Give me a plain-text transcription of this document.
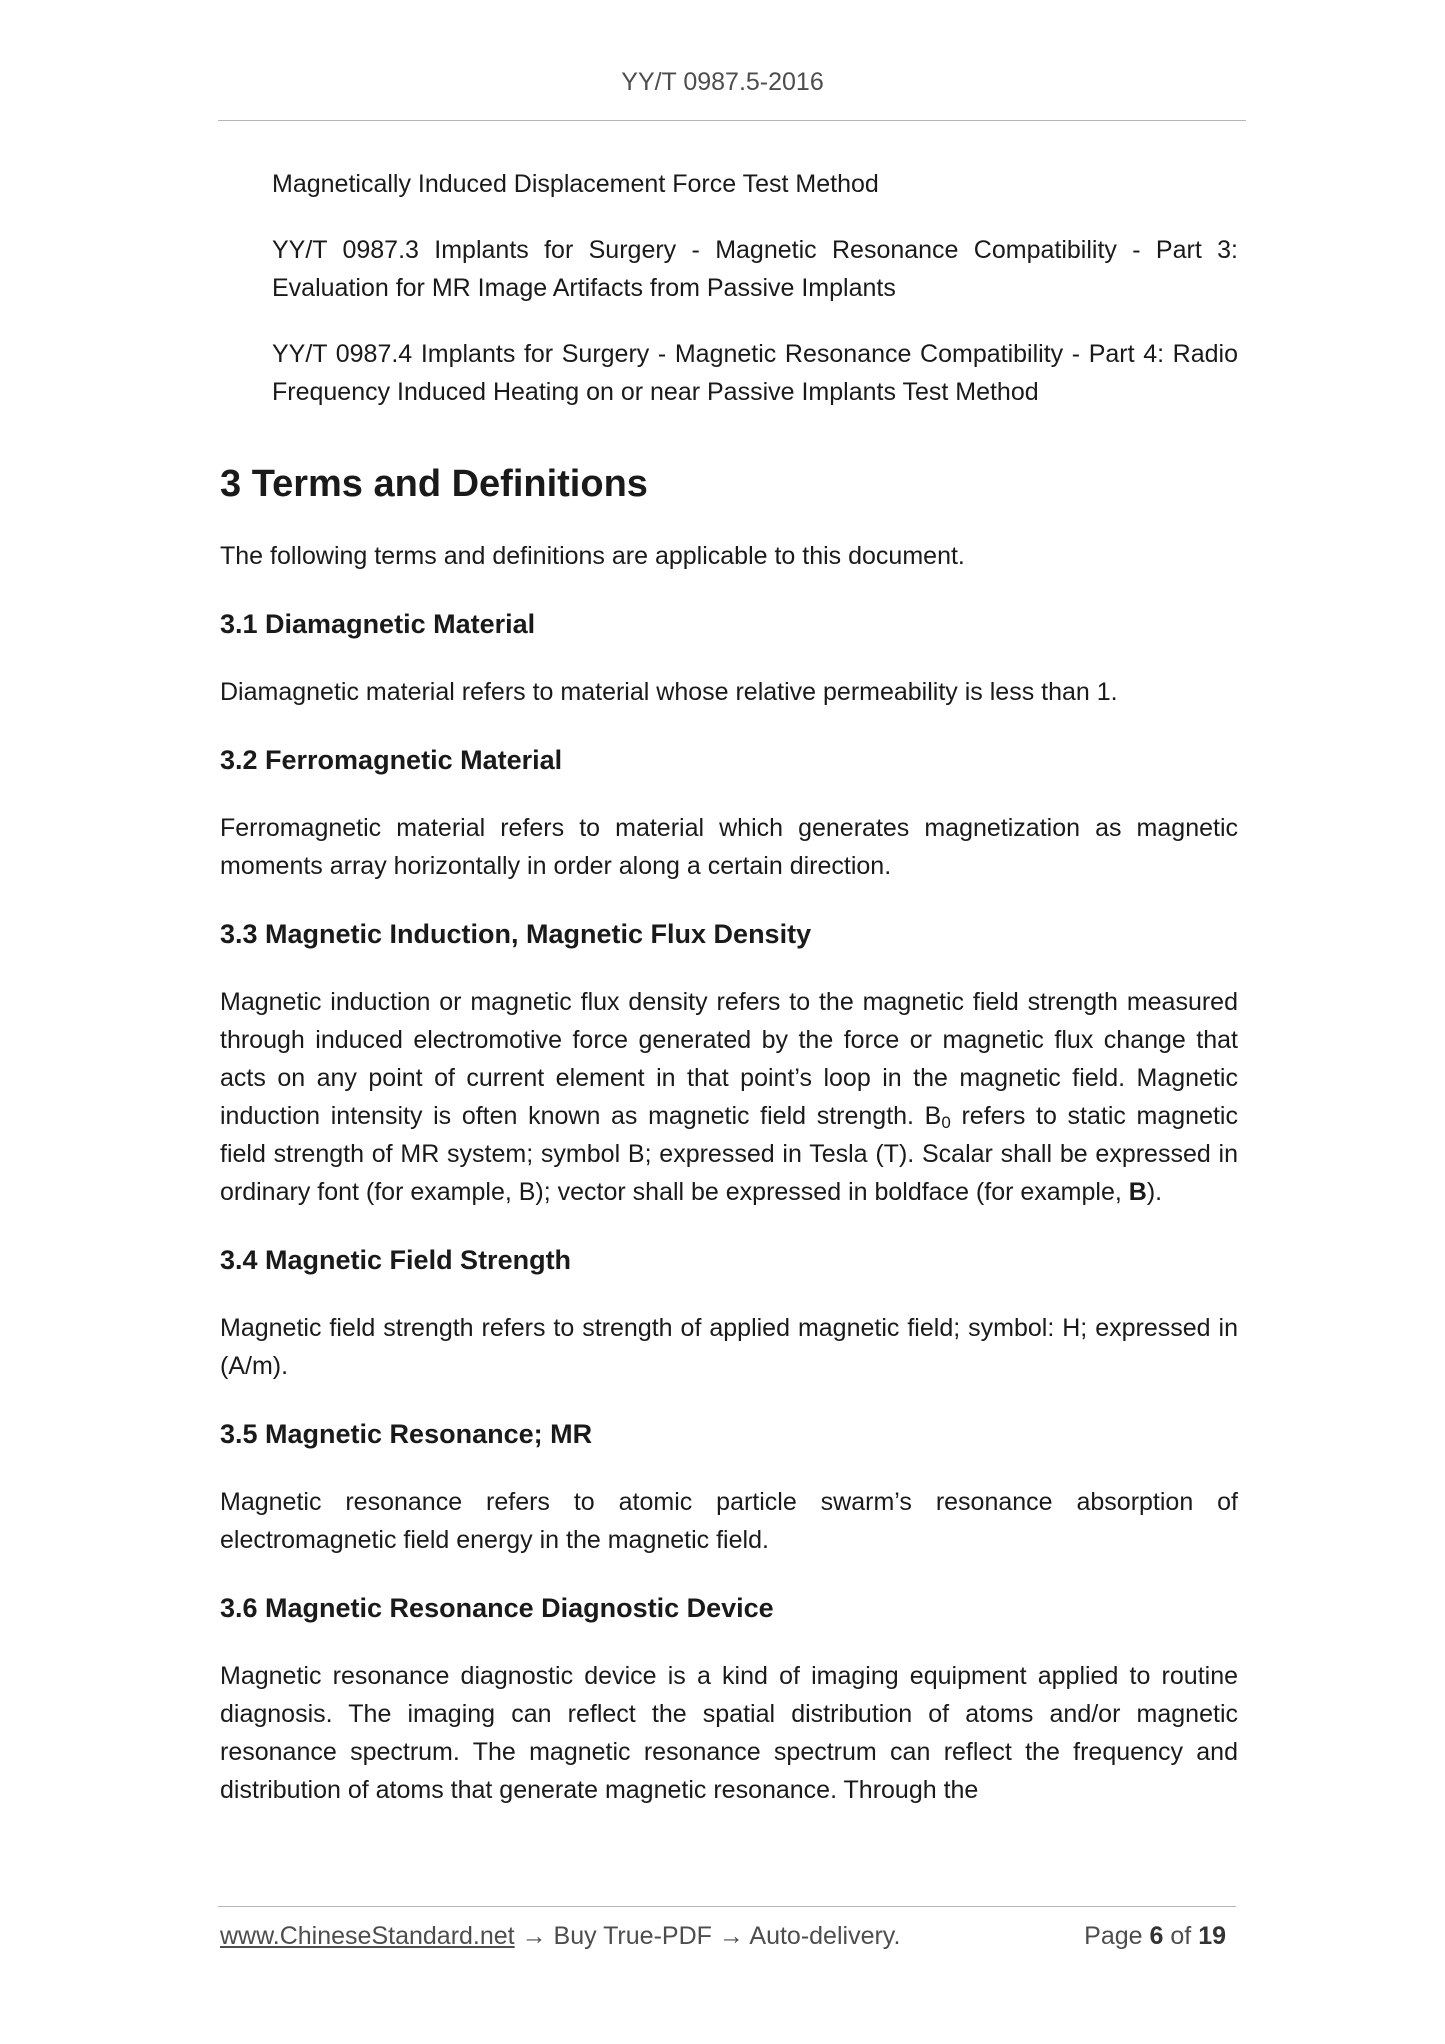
YY/T 0987.5-2016

Magnetically Induced Displacement Force Test Method

YY/T 0987.3 Implants for Surgery - Magnetic Resonance Compatibility - Part 3: Evaluation for MR Image Artifacts from Passive Implants

YY/T 0987.4 Implants for Surgery - Magnetic Resonance Compatibility - Part 4: Radio Frequency Induced Heating on or near Passive Implants Test Method

3 Terms and Definitions

The following terms and definitions are applicable to this document.

3.1 Diamagnetic Material

Diamagnetic material refers to material whose relative permeability is less than 1.

3.2 Ferromagnetic Material

Ferromagnetic material refers to material which generates magnetization as magnetic moments array horizontally in order along a certain direction.

3.3 Magnetic Induction, Magnetic Flux Density

Magnetic induction or magnetic flux density refers to the magnetic field strength measured through induced electromotive force generated by the force or magnetic flux change that acts on any point of current element in that point’s loop in the magnetic field. Magnetic induction intensity is often known as magnetic field strength. $B_0$ refers to static magnetic field strength of MR system; symbol B; expressed in Tesla (T). Scalar shall be expressed in ordinary font (for example, B); vector shall be expressed in boldface (for example, B).

3.4 Magnetic Field Strength

Magnetic field strength refers to strength of applied magnetic field; symbol: H; expressed in (A/m).

3.5 Magnetic Resonance; MR

Magnetic resonance refers to atomic particle swarm’s resonance absorption of electromagnetic field energy in the magnetic field.

3.6 Magnetic Resonance Diagnostic Device

Magnetic resonance diagnostic device is a kind of imaging equipment applied to routine diagnosis. The imaging can reflect the spatial distribution of atoms and/or magnetic resonance spectrum. The magnetic resonance spectrum can reflect the frequency and distribution of atoms that generate magnetic resonance. Through the

www.ChineseStandard.net → Buy True-PDF → Auto-delivery.	Page 6 of 19
